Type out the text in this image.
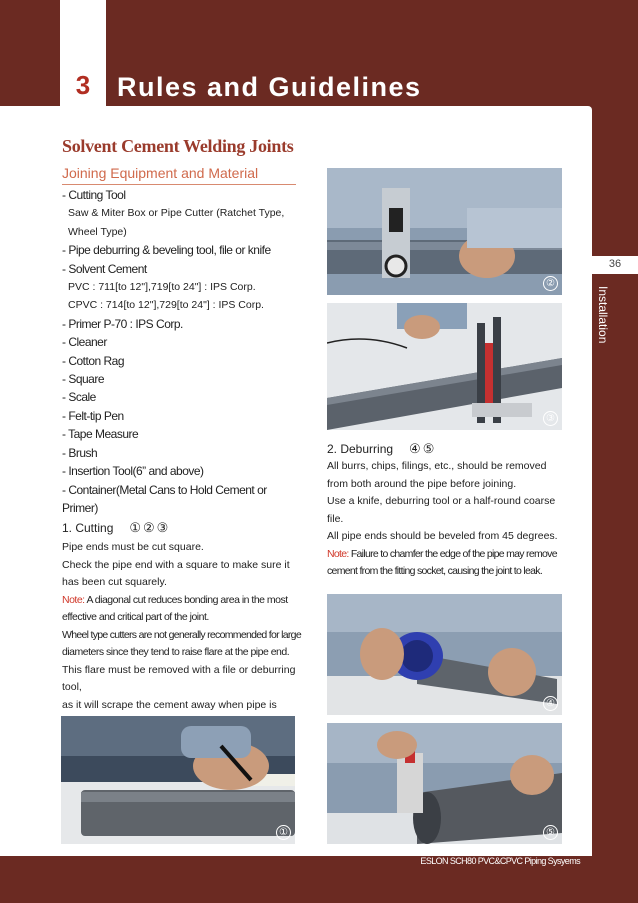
3 Rules and Guidelines
36
Installation
Solvent Cement Welding Joints
Joining Equipment and Material
- Cutting Tool
Saw & Miter Box or Pipe Cutter (Ratchet Type,
Wheel Type)
- Pipe deburring & beveling tool, file or knife
- Solvent Cement
PVC : 711[to 12"],719[to 24"] : IPS Corp.
CPVC : 714[to 12"],729[to 24"] : IPS Corp.
- Primer P-70 : IPS Corp.
- Cleaner
- Cotton Rag
- Square
- Scale
- Felt-tip Pen
- Tape Measure
- Brush
- Insertion Tool(6” and above)
- Container(Metal Cans to Hold Cement or Primer)
1. Cutting ①②③
Pipe ends must be cut square.
Check the pipe end with a square to make sure it
has been cut squarely.
Note: A diagonal cut reduces bonding area in the most
effective and critical part of the joint.
Wheel type cutters are not generally recommended for large
diameters since they tend to raise flare at the pipe end.
This flare must be removed with a file or deburring tool,
as it will scrape the cement away when pipe is
2. Deburring ④⑤
All burrs, chips, filings, etc., should be removed
from both around the pipe before joining.
Use a knife, deburring tool or a half-round coarse
file.
All pipe ends should be beveled from 45 degrees.
Note: Failure to chamfer the edge of the pipe may remove
cement from the fitting socket, causing the joint to leak.
①
②
③
④
⑤
ESLON SCH80 PVC&CPVC Piping Sysyems
